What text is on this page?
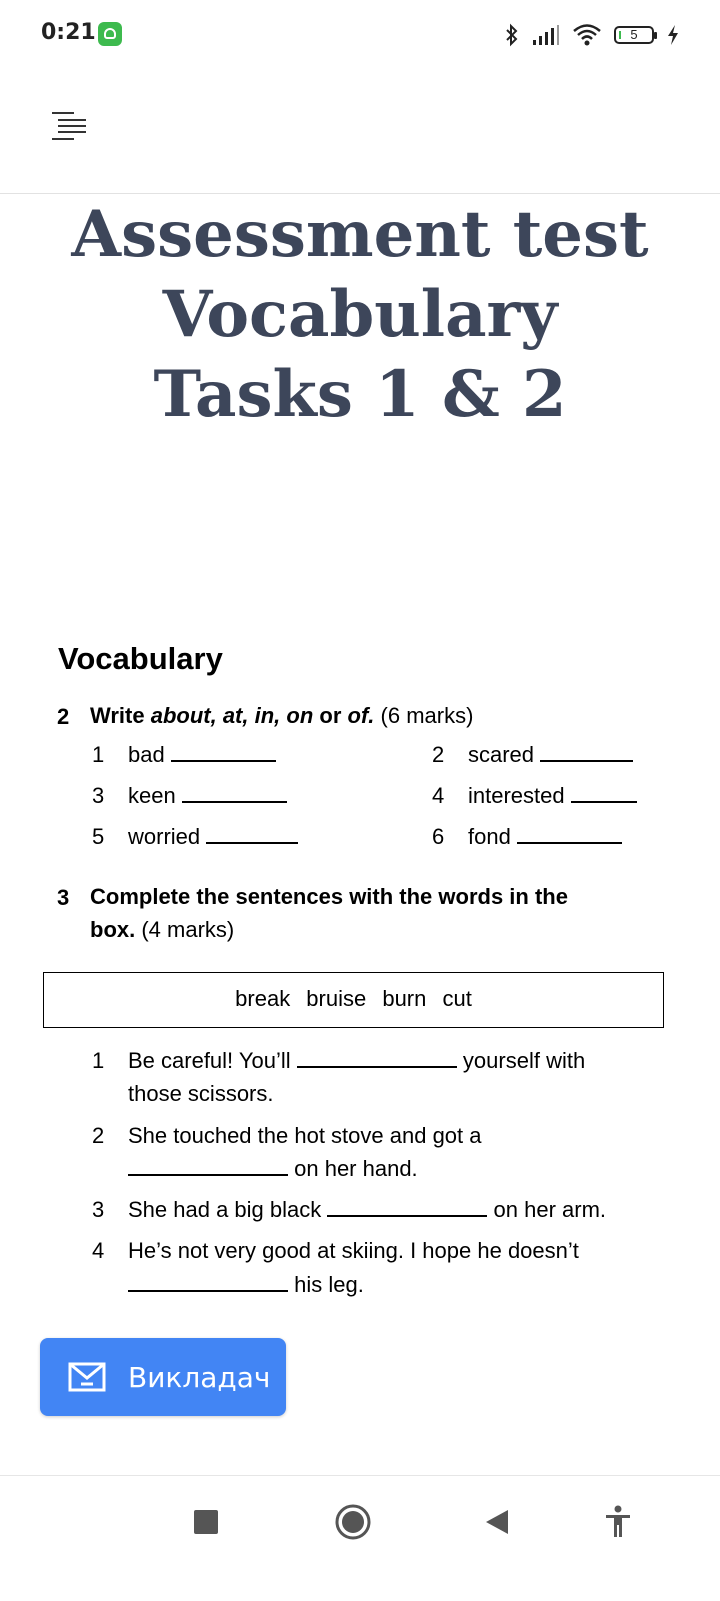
0:21	5
Assessment test
Vocabulary
Tasks 1 & 2
Vocabulary
2 Write about, at, in, on or of. (6 marks)
1 bad	2 scared
3 keen	4 interested
5 worried	6 fond
3 Complete the sentences with the words in the
box. (4 marks)
break bruise burn cut
1 Be careful! You’ll	yourself with
those scissors.
2 She touched the hot stove and got a
on her hand.
3 She had a big black	on her arm.
4 He’s not very good at skiing. I hope he doesn’t
his leg.
Викладач
